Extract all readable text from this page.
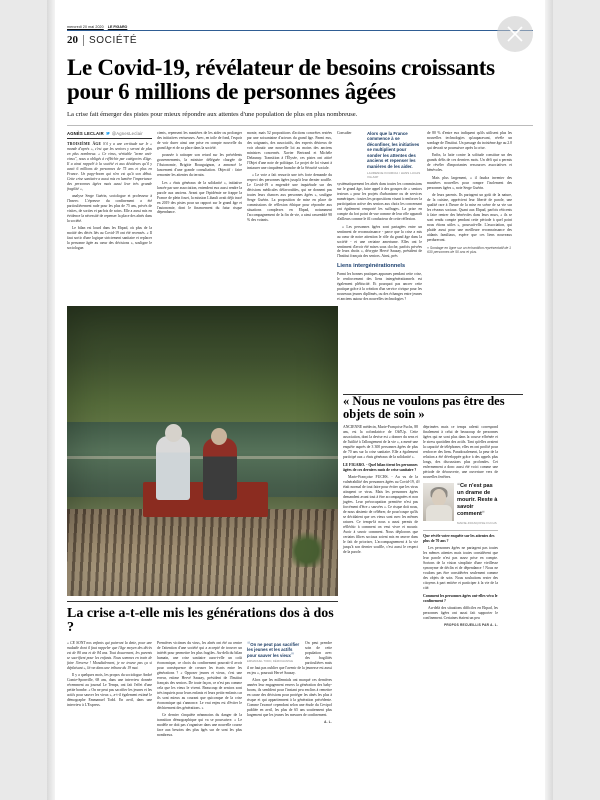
mercredi 20 mai 2020 LE FIGARO
20 SOCIÉTÉ
Le Covid-19, révélateur de besoins croissants pour 6 millions de personnes âgées
La crise fait émerger des pistes pour mieux répondre aux attentes d'une population de plus en plus nombreuse.
AGNÈS LECLAIR @AgnesLeclair
TROISIÈME ÂGE S'il y a une certitude sur le « monde d'après », c'est que les seniors y seront de plus en plus nombreux. « Ce virus, véritable "arme anti-vieux", nous a obligés à réfléchir par catégories d'âge. Il a ainsi rappelé à la société et aux décideurs qu'il y avait 6 millions de personnes de 75 ans et plus en France. Un papy-boom qui n'en est qu'à son début. Cette crise sanitaire a aussi mis en lumière l'importance des personnes âgées mais aussi leur très grande fragilité »,
analyse Serge Guérin, sociologue et professeur à l'Inseec. L'épreuve du confinement a été particulièrement rude pour les plus de 75 ans, privés de visites, de sorties et parfois de soins. Elle a aussi mis en évidence la nécessité de repenser la place des aînés dans la société.
Le bilan est lourd dans les Ehpad, où plus de la moitié des décès liés au Covid-19 ont été recensés. « Il faut sortir d'une logique strictement sanitaire et replacer la personne âgée au cœur des décisions », souligne le sociologue.
cients, repensent les manières de les aider ou prolonger des initiatives vertueuses. Avec, en toile de fond, l'espoir de voir durer ainsi une prise en compte nouvelle du grand âge et de sa place dans la société.
poussée à rattraper son retard sur les précédents gouvernements, la ministre déléguée chargée de l'Autonomie, Brigitte Bourguignon, a annoncé le lancement d'une grande consultation. Objectif : faire remonter les attentes du terrain.
Les « états généraux de la solidarité », initiative lancée par une association, entendent eux aussi rendre la parole aux anciens. Avant que l'épidémie ne frappe la France de plein fouet, la mission Libault avait déjà tracé en 2019 des pistes pour un rapport sur le grand âge et l'autonomie, dont le financement du futur risque dépendance.
monie, mais 52 propositions d'actions concrètes restées par une soixantaine d'acteurs du grand âge. Parmi eux, des soignants, des associatifs, des experts désireux de voir aboutir une nouvelle loi au moins des anciens ministres concernés. Xavier Bertrand et Michèle Delaunay. Transition à l'Élysée, ces pistes ont attiré l'Objet d'une note de politique. Le projet de loi visant à instaurer une cinquième branche de la Sécurité sociale.
« Le vote a fait ressortir une très forte demande du respect des personnes âgées jusqu'à leur dernier souffle. Le Covid-19 a engendré une inquiétude sur des décisions médicales défavorables, qui ne donnent pas toutes leurs chances aux personnes âgées », souligne Serge Guérin. La proposition de mise en place de commissions de réflexion éthique pour répondre aux situations complexes en Ehpad, notamment l'accompagnement de la fin de vie, a ainsi rassemblé 98 % des votants.
Alors que la France commence à se déconfiner, les initiatives se multiplient pour sonder les attentes des anciens et repenser les manières de les aider.
LAURENCE KOURCIA / HANS LUCAS VIA AFP
Consulter systématiquement les aînés dans toutes les commissions sur le grand âge, faire appel à des groupes de « seniors testeurs » pour les projets d'urbanisme ou de services numériques : toutes les propositions visant à renforcer la participation active des seniors aux choix les concernant ont également remporté les suffrages. La prise en compte du fort point de vue comme de leur rôle apparaît d'ailleurs comme le fil conducteur de cette réflexion.
« Les personnes âgées sont partagées entre un sentiment de reconnaissance - parce que la crise a mis au cœur de notre attention le rôle du grand âge dans la société - et une certaine amertume. Elles ont le sentiment d'avoir été mises sous cloche, parfois privées de leurs droits », décrypte Hervé Sauzay, président de l'Institut français des seniors. Ainsi, près
Liens intergénérationnels
Parmi les bonnes pratiques apparues pendant cette crise, le renforcement des liens intergénérationnels est également plébiscité. Et pourquoi pas ancrer cette pratique grâce à la création d'un service civique pour les nouveaux jeunes diplômés, ou des échanges entre jeunes et anciens autour des nouvelles technologies ?
de 80 % d'entre eux indiquent qu'ils utilisent plus les nouvelles technologies qu'auparavant, révèle un sondage de l'Institut. Un passage du troisième âge au 2.0 qui devrait se poursuivre après la crise.
Enfin, la lutte contre la solitude constitue un des grands défis de ces derniers mois. Un défi qui a permis de révéler d'importantes ressources associatives et bénévoles.
Mais plus largement, « il faudra inventer des manières nouvelles pour rompre l'isolement des personnes âgées », note Serge Guérin.
de leurs parents. Ils partagent un goût de la nature, de la cuisine, apprécient leur liberté de parole, une qualité rare à l'heure de la mise en scène de sa vie sur les réseaux sociaux. Quant aux Ehpad, parfois réticents à faire rentrer des bénévoles dans leurs murs, « ils se sont rendu compte pendant cette période à quel point nous étions utiles », poursuit-elle. L'association, qui plaide aussi pour une meilleure reconnaissance des aidants familiaux, espère que ces liens nouveaux perdureront.
« Sondage en ligne sur un échantillon représentatif de 1 630 personnes de 50 ans et plus.
La crise a-t-elle mis les générations dos à dos ?
« CE SONT nos enfants qui paieront la dette, pour une maladie dont il faut rappeler que l'âge moyen des décès est de 80 ans et de 84 ans. Tout doucement, les parents se sacrifient pour les enfants. Nous sommes en train de faire l'inverse ! Mondialement, je ne trouve pas ça si déplaisant », lit-on dans une tribune du 19 mai.
Il y a quelques mois, les propos du sociologue André Comte-Sponville, 68 ans, dans une interview donnée récemment au journal Le Temps, ont fait l'effet d'une petite bombe. « On ne peut pas sacrifier les jeunes et les actifs pour sauver les vieux », a-t-il également estimé le démographe Emmanuel Todd. En avril, dans une interview à L'Express.
Premières victimes du virus, les aînés ont été au centre de l'attention d'une société qui a accepté de trouver un intérêt pour permettre les plus fragiles. Au-delà du bilan humain, une crise sanitaire aura-t-elle un coût économique, ce choix du confinement pourrait-il avoir pour conséquence de creuser les écarts entre les générations ? « Opposer jeunes et vieux, c'est une erreur, estime Hervé Sauzay, président de l'Institut français des seniors. De toute façon, ce n'est pas comme cela que les vieux le vivent. Beaucoup de seniors sont très inquiets pour leurs enfants et leurs petits-enfants car ils sont mieux au courant que quiconque de la crise économique qui s'annonce. Le vrai enjeu est d'éviter le déchirement des générations. »
Ce dernier s'inquiète néanmoins du danger de la transition démographique qui va se poursuivre. « Le modèle ne doit pas s'organiser dans une nouvelle course face aux besoins des plus âgés sur de sont les plus nombreux.
❝On ne peut pas sacrifier les jeunes et les actifs pour sauver les vieux❞
EMMANUEL TODD, DÉMOGRAPHE
On peut prendre soin de cette population avec des fragilités particulières mais il ne faut pas oublier que l'avenir de la jeunesse est aussi en jeu », poursuit Hervé Sauzay.
Alors que les millennials ont marqué ces dernières années leur engagement envers la génération des baby-boom, ils semblent pour l'instant peu enclins à remettre en cause des décisions pour protéger les aînés les plus à risque et qui appartiennent à la génération précédente. Comme l'avancé cependant selon une étude du Cevipof publiée en avril, les plus de 65 ans soutiennent plus largement que les jeunes les mesures de confinement.
A. L.
« Nous ne voulons pas être des objets de soin »
ANCIENNE médecin, Marie-Françoise Fuchs, 88 ans, est la cofondatrice de Old'Up. Cette association, dont la devise est « donner du sens et de l'utilité à l'allongement de la vie », a mené une enquête auprès de 3 300 personnes âgées de plus de 70 ans sur la crise sanitaire. Elle a également participé aux « états généraux de la solidarité ».
LE FIGARO. - Quel bilan tirent les personnes âgées de ces derniers mois de crise sanitaire ?
Marie-Françoise FUCHS. - Au vu de la vulnérabilité des personnes âgées au Covid-19, il était normal de tout faire pour éviter que les virus attrapent ce virus. Mais les personnes âgées demandent avant tout à être accompagnées et non jugées. Leur préoccupation première n'est pas forcément d'être « sauvées ». Ce risque doit nous, de nous abstenir de célébrer, de pour/coupe qu'ils se décidaient que ces vieux sont avec les mêmes ratures. Ce temps-là nous a aussi permis de réfléchir à comment on veut vivre et mourir. Avoir à savoir comment. Nous déplorons que certains filtres sociaux soient mis en œuvre dans le fait de prioriser, L'accompagnement à la vie jusqu'à son dernier souffle, c'est aussi le respect de la parole.
déprimées mais ce temps ralenti correspond finalement à celui de beaucoup de personnes âgées qui ne sont plus dans la course effrénée et le stress quotidien des actifs. Tant qu'elles avaient la capacité de téléphoner, elles en ont profité pour renforcer des liens. Paradoxalement, la peur de la relation a été développée grâce à des appels plus longs, des discussions plus profondes. Cet enfermement a donc aussi été voici comme une période de découverte, une ouverture vers de nouvelles fenêtres.
DR
❝Ce n'est pas un drame de mourir. Reste à savoir comment❞
MARIE-FRANÇOISE FUCHS
Que révèle votre enquête sur les attentes des plus de 70 ans ?
Les personnes âgées ne partagent pas toutes les mêmes attentes mais toutes considèrent que leur parole n'est pas assez prise en compte. Sortons de la vision simpliste d'une vieillesse synonyme de déclin et de dépendance ! Nous ne voulons pas être considérées seulement comme des objets de soin. Nous souhaitons rester des citoyens à part entière et participer à la vie de la cité.
Comment les personnes âgées ont-elles vécu le confinement ?
Au-delà des situations difficiles en Ehpad, les personnes âgées ont aussi fait supporter le confinement. Certaines étaient un peu
PROPOS RECUEILLIS PAR A. L.
